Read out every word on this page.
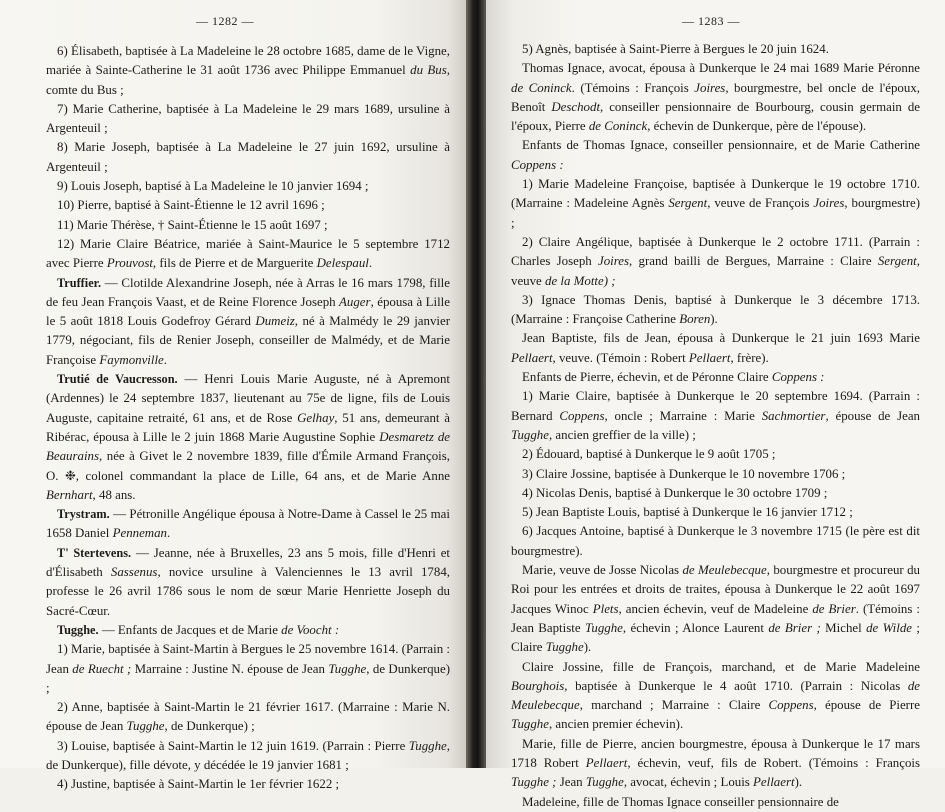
— 1282 —

6) Élisabeth, baptisée à La Madeleine le 28 octobre 1685, dame de le Vigne, mariée à Sainte-Catherine le 31 août 1736 avec Philippe Emmanuel du Bus, comte du Bus ;

7) Marie Catherine, baptisée à La Madeleine le 29 mars 1689, ursuline à Argenteuil ;

8) Marie Joseph, baptisée à La Madeleine le 27 juin 1692, ursuline à Argenteuil ;

9) Louis Joseph, baptisé à La Madeleine le 10 janvier 1694 ;

10) Pierre, baptisé à Saint-Étienne le 12 avril 1696 ;

11) Marie Thérèse, † Saint-Étienne le 15 août 1697 ;

12) Marie Claire Béatrice, mariée à Saint-Maurice le 5 septembre 1712 avec Pierre Prouvost, fils de Pierre et de Marguerite Delespaul.

Truffier. — Clotilde Alexandrine Joseph, née à Arras le 16 mars 1798, fille de feu Jean François Vaast, et de Reine Florence Joseph Auger, épousa à Lille le 5 août 1818 Louis Godefroy Gérard Dumeiz, né à Malmédy le 29 janvier 1779, négociant, fils de Renier Joseph, conseiller de Malmédy, et de Marie Françoise Faymonville.

Trutié de Vaucresson. — Henri Louis Marie Auguste, né à Apremont (Ardennes) le 24 septembre 1837, lieutenant au 75e de ligne, fils de Louis Auguste, capitaine retraité, 61 ans, et de Rose Gelhay, 51 ans, demeurant à Ribérac, épousa à Lille le 2 juin 1868 Marie Augustine Sophie Desmaretz de Beaurains, née à Givet le 2 novembre 1839, fille d'Émile Armand François, O. ❉, colonel commandant la place de Lille, 64 ans, et de Marie Anne Bernhart, 48 ans.

Trystram. — Pétronille Angélique épousa à Notre-Dame à Cassel le 25 mai 1658 Daniel Penneman.

T' Stertevens. — Jeanne, née à Bruxelles, 23 ans 5 mois, fille d'Henri et d'Élisabeth Sassenus, novice ursuline à Valenciennes le 13 avril 1784, professe le 26 avril 1786 sous le nom de sœur Marie Henriette Joseph du Sacré-Cœur.

Tugghe. — Enfants de Jacques et de Marie de Voocht :

1) Marie, baptisée à Saint-Martin à Bergues le 25 novembre 1614. (Parrain : Jean de Ruecht ; Marraine : Justine N. épouse de Jean Tugghe, de Dunkerque) ;

2) Anne, baptisée à Saint-Martin le 21 février 1617. (Marraine : Marie N. épouse de Jean Tugghe, de Dunkerque) ;

3) Louise, baptisée à Saint-Martin le 12 juin 1619. (Parrain : Pierre Tugghe, de Dunkerque), fille dévote, y décédée le 19 janvier 1681 ;

4) Justine, baptisée à Saint-Martin le 1er février 1622 ;

— 1283 —

5) Agnès, baptisée à Saint-Pierre à Bergues le 20 juin 1624.

Thomas Ignace, avocat, épousa à Dunkerque le 24 mai 1689 Marie Péronne de Coninck. (Témoins : François Joires, bourgmestre, bel oncle de l'époux, Benoît Deschodt, conseiller pensionnaire de Bourbourg, cousin germain de l'époux, Pierre de Coninck, échevin de Dunkerque, père de l'épouse).

Enfants de Thomas Ignace, conseiller pensionnaire, et de Marie Catherine Coppens :

1) Marie Madeleine Françoise, baptisée à Dunkerque le 19 octobre 1710. (Marraine : Madeleine Agnès Sergent, veuve de François Joires, bourgmestre) ;

2) Claire Angélique, baptisée à Dunkerque le 2 octobre 1711. (Parrain : Charles Joseph Joires, grand bailli de Bergues, Marraine : Claire Sergent, veuve de la Motte) ;

3) Ignace Thomas Denis, baptisé à Dunkerque le 3 décembre 1713. (Marraine : Françoise Catherine Boren).

Jean Baptiste, fils de Jean, épousa à Dunkerque le 21 juin 1693 Marie Pellaert, veuve. (Témoin : Robert Pellaert, frère).

Enfants de Pierre, échevin, et de Péronne Claire Coppens :

1) Marie Claire, baptisée à Dunkerque le 20 septembre 1694. (Parrain : Bernard Coppens, oncle ; Marraine : Marie Sachmortier, épouse de Jean Tugghe, ancien greffier de la ville) ;

2) Édouard, baptisé à Dunkerque le 9 août 1705 ;

3) Claire Jossine, baptisée à Dunkerque le 10 novembre 1706 ;

4) Nicolas Denis, baptisé à Dunkerque le 30 octobre 1709 ;

5) Jean Baptiste Louis, baptisé à Dunkerque le 16 janvier 1712 ;

6) Jacques Antoine, baptisé à Dunkerque le 3 novembre 1715 (le père est dit bourgmestre).

Marie, veuve de Josse Nicolas de Meulebecque, bourgmestre et procureur du Roi pour les entrées et droits de traites, épousa à Dunkerque le 22 août 1697 Jacques Winoc Plets, ancien échevin, veuf de Madeleine de Brier. (Témoins : Jean Baptiste Tugghe, échevin ; Alonce Laurent de Brier ; Michel de Wilde ; Claire Tugghe).

Claire Jossine, fille de François, marchand, et de Marie Madeleine Bourghois, baptisée à Dunkerque le 4 août 1710. (Parrain : Nicolas de Meulebecque, marchand ; Marraine : Claire Coppens, épouse de Pierre Tugghe, ancien premier échevin).

Marie, fille de Pierre, ancien bourgmestre, épousa à Dunkerque le 17 mars 1718 Robert Pellaert, échevin, veuf, fils de Robert. (Témoins : François Tugghe ; Jean Tugghe, avocat, échevin ; Louis Pellaert).

Madeleine, fille de Thomas Ignace conseiller pensionnaire de
